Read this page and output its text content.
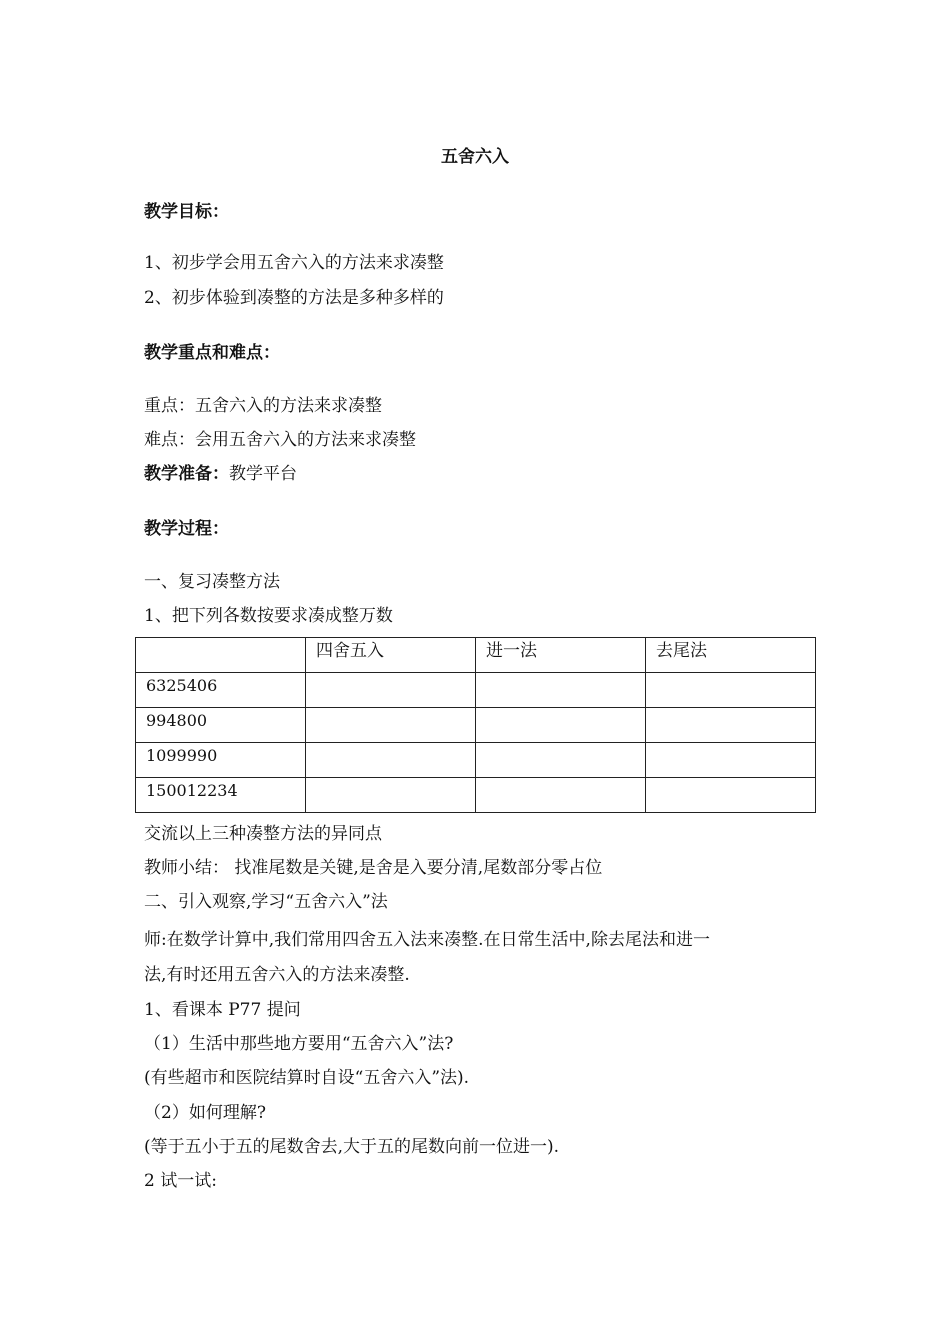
五舍六入
教学目标：
1、初步学会用五舍六入的方法来求凑整
2、初步体验到凑整的方法是多种多样的
教学重点和难点：
重点：五舍六入的方法来求凑整
难点：会用五舍六入的方法来求凑整
教学准备：教学平台
教学过程：
一、复习凑整方法
1、把下列各数按要求凑成整万数
	四舍五入	进一法	去尾法
6325406			
994800			
1099990			
150012234			
交流以上三种凑整方法的异同点
教师小结： 找准尾数是关键,是舍是入要分清,尾数部分零占位
二、引入观察,学习“五舍六入”法
师:在数学计算中,我们常用四舍五入法来凑整.在日常生活中,除去尾法和进一
法,有时还用五舍六入的方法来凑整.
1、看课本 P77 提问
（1）生活中那些地方要用“五舍六入”法?
(有些超市和医院结算时自设“五舍六入”法).
（2）如何理解?
(等于五小于五的尾数舍去,大于五的尾数向前一位进一).
2 试一试:
